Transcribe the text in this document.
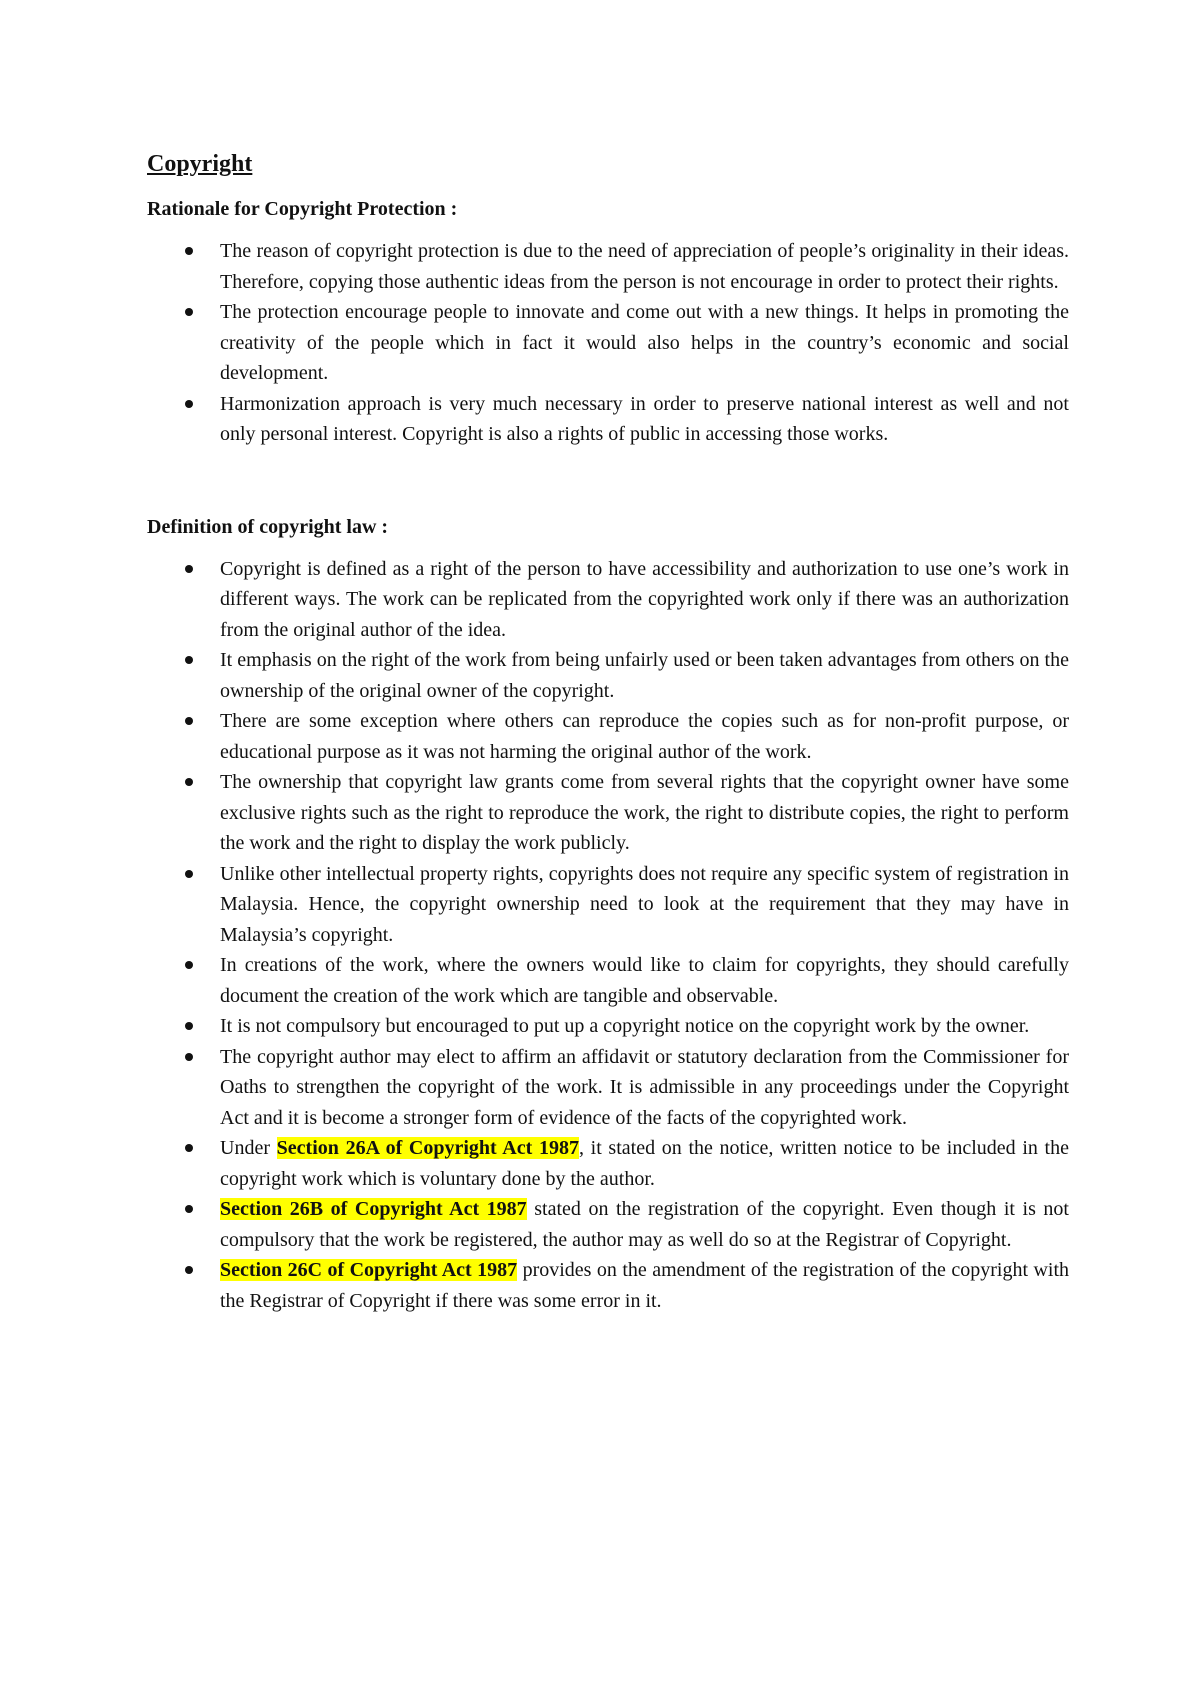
Copyright
Rationale for Copyright Protection :
The reason of copyright protection is due to the need of appreciation of people’s originality in their ideas. Therefore, copying those authentic ideas from the person is not encourage in order to protect their rights.
The protection encourage people to innovate and come out with a new things. It helps in promoting the creativity of the people which in fact it would also helps in the country’s economic and social development.
Harmonization approach is very much necessary in order to preserve national interest as well and not only personal interest. Copyright is also a rights of public in accessing those works.
Definition of copyright law :
Copyright is defined as a right of the person to have accessibility and authorization to use one’s work in different ways. The work can be replicated from the copyrighted work only if there was an authorization from the original author of the idea.
It emphasis on the right of the work from being unfairly used or been taken advantages from others on the ownership of the original owner of the copyright.
There are some exception where others can reproduce the copies such as for non-profit purpose, or educational purpose as it was not harming the original author of the work.
The ownership that copyright law grants come from several rights that the copyright owner have some exclusive rights such as the right to reproduce the work, the right to distribute copies, the right to perform the work and the right to display the work publicly.
Unlike other intellectual property rights, copyrights does not require any specific system of registration in Malaysia. Hence, the copyright ownership need to look at the requirement that they may have in Malaysia’s copyright.
In creations of the work, where the owners would like to claim for copyrights, they should carefully document the creation of the work which are tangible and observable.
It is not compulsory but encouraged to put up a copyright notice on the copyright work by the owner.
The copyright author may elect to affirm an affidavit or statutory declaration from the Commissioner for Oaths to strengthen the copyright of the work. It is admissible in any proceedings under the Copyright Act and it is become a stronger form of evidence of the facts of the copyrighted work.
Under Section 26A of Copyright Act 1987, it stated on the notice, written notice to be included in the copyright work which is voluntary done by the author.
Section 26B of Copyright Act 1987 stated on the registration of the copyright. Even though it is not compulsory that the work be registered, the author may as well do so at the Registrar of Copyright.
Section 26C of Copyright Act 1987 provides on the amendment of the registration of the copyright with the Registrar of Copyright if there was some error in it.
